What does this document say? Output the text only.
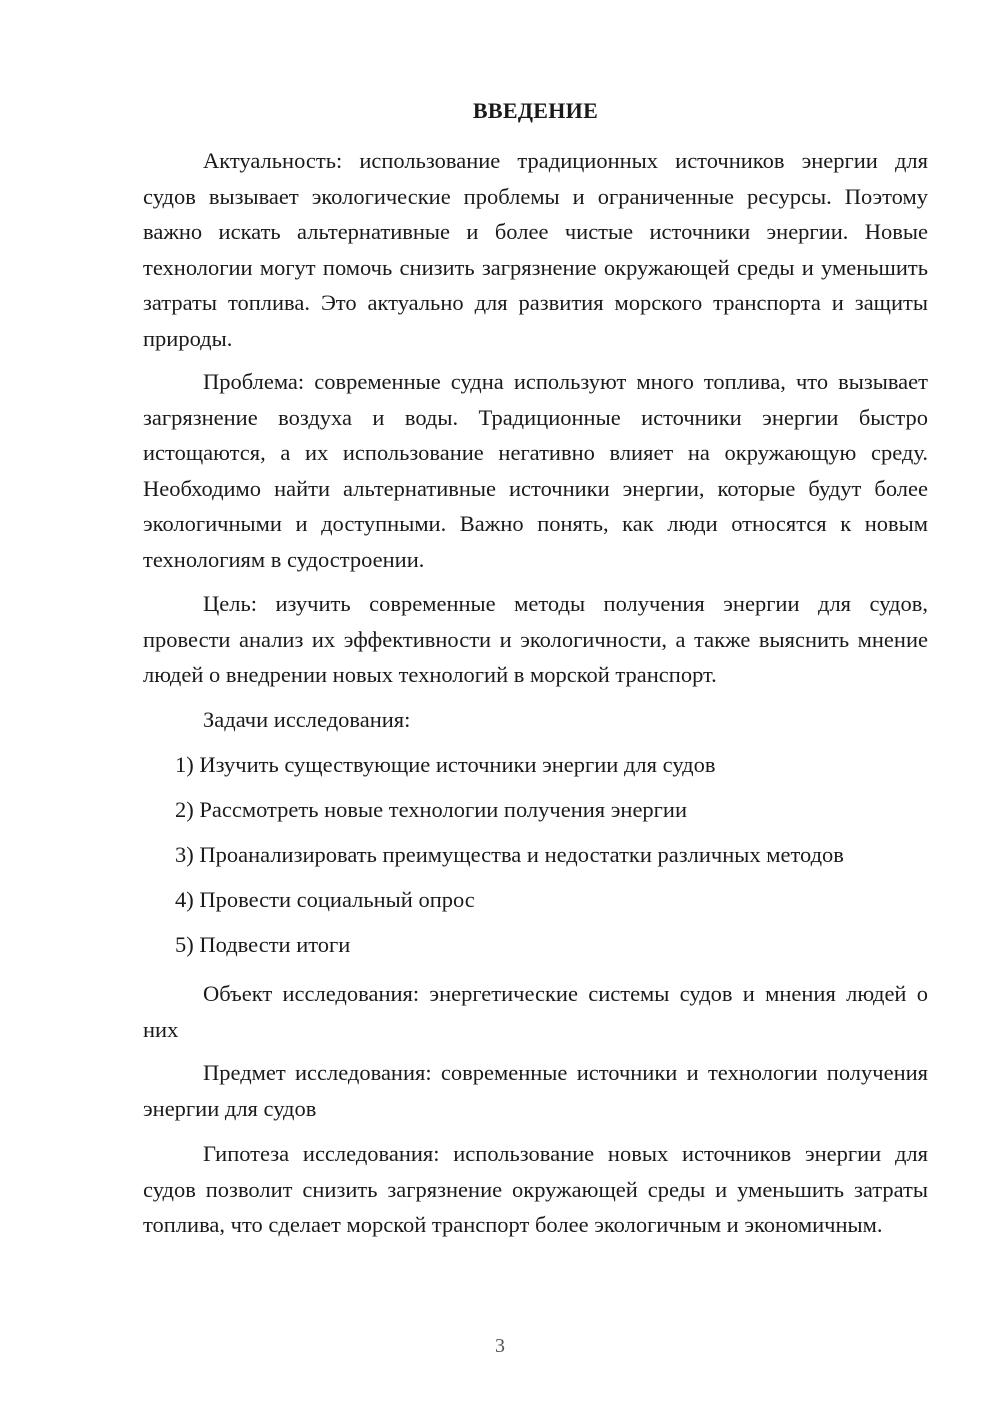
ВВЕДЕНИЕ

Актуальность: использование традиционных источников энергии для судов вызывает экологические проблемы и ограниченные ресурсы. Поэтому важно искать альтернативные и более чистые источники энергии. Новые технологии могут помочь снизить загрязнение окружающей среды и уменьшить затраты топлива. Это актуально для развития морского транспорта и защиты природы.

Проблема: современные судна используют много топлива, что вызывает загрязнение воздуха и воды. Традиционные источники энергии быстро истощаются, а их использование негативно влияет на окружающую среду. Необходимо найти альтернативные источники энергии, которые будут более экологичными и доступными. Важно понять, как люди относятся к новым технологиям в судостроении.

Цель: изучить современные методы получения энергии для судов, провести анализ их эффективности и экологичности, а также выяснить мнение людей о внедрении новых технологий в морской транспорт.

Задачи исследования:

1) Изучить существующие источники энергии для судов

2) Рассмотреть новые технологии получения энергии

3) Проанализировать преимущества и недостатки различных методов

4) Провести социальный опрос

5) Подвести итоги

Объект исследования: энергетические системы судов и мнения людей о них

Предмет исследования: современные источники и технологии получения энергии для судов

Гипотеза исследования: использование новых источников энергии для судов позволит снизить загрязнение окружающей среды и уменьшить затраты топлива, что сделает морской транспорт более экологичным и экономичным.

3
